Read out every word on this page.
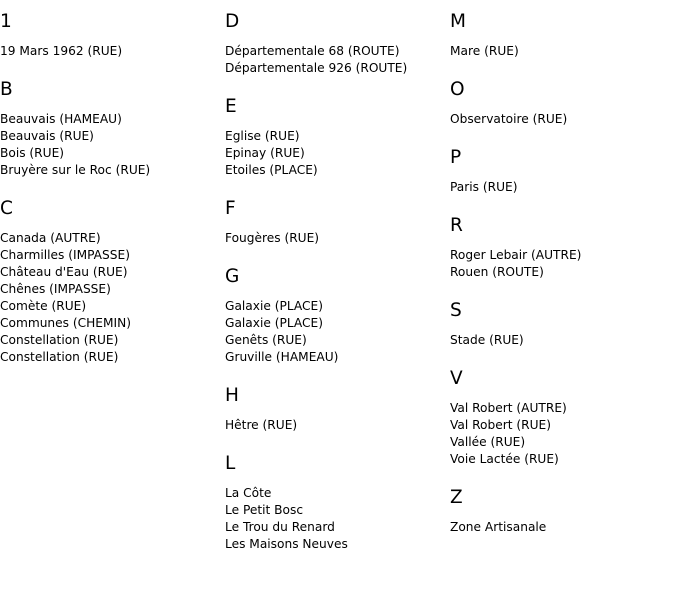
1
19 Mars 1962 (RUE)
B
Beauvais (HAMEAU)
Beauvais (RUE)
Bois (RUE)
Bruyère sur le Roc (RUE)
C
Canada (AUTRE)
Charmilles (IMPASSE)
Château d'Eau (RUE)
Chênes (IMPASSE)
Comète (RUE)
Communes (CHEMIN)
Constellation (RUE)
Constellation (RUE)
D
Départementale 68 (ROUTE)
Départementale 926 (ROUTE)
E
Eglise (RUE)
Epinay (RUE)
Etoiles (PLACE)
F
Fougères (RUE)
G
Galaxie (PLACE)
Galaxie (PLACE)
Genêts (RUE)
Gruville (HAMEAU)
H
Hêtre (RUE)
L
La Côte
Le Petit Bosc
Le Trou du Renard
Les Maisons Neuves
M
Mare (RUE)
O
Observatoire (RUE)
P
Paris (RUE)
R
Roger Lebair (AUTRE)
Rouen (ROUTE)
S
Stade (RUE)
V
Val Robert (AUTRE)
Val Robert (RUE)
Vallée (RUE)
Voie Lactée (RUE)
Z
Zone Artisanale
